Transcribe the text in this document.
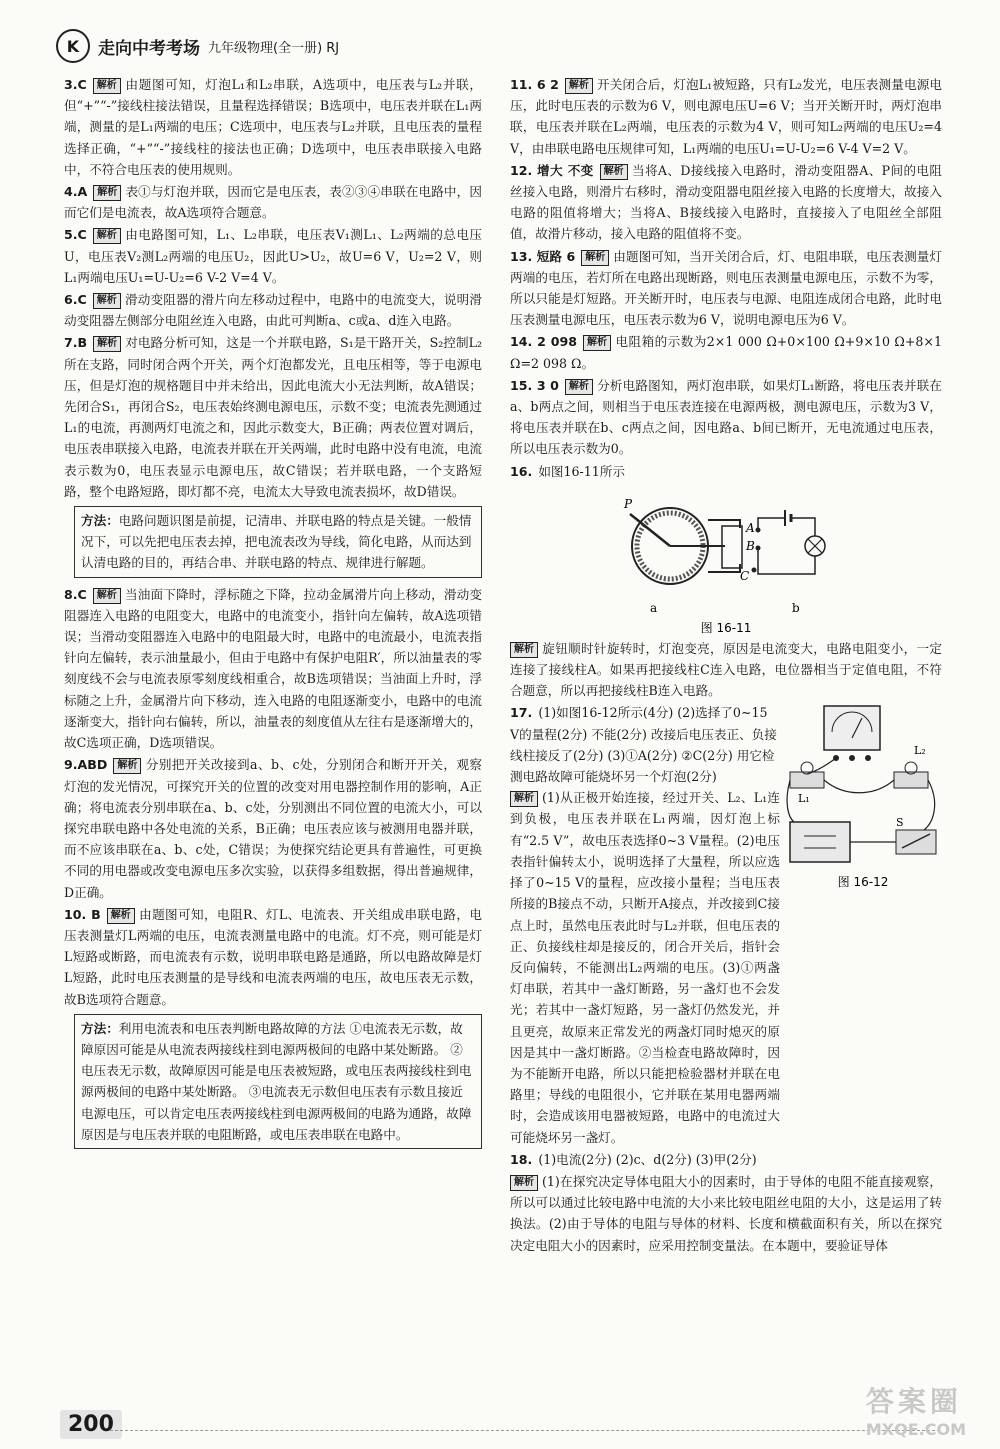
K	走向中考考场 九年级物理(全一册) RJ
3.C 解析 由题图可知，灯泡L₁和L₂串联，A选项中，电压表与L₂并联，但“+”“-”接线柱接法错误，且量程选择错误；B选项中，电压表并联在L₁两端，测量的是L₁两端的电压；C选项中，电压表与L₂并联，且电压表的量程选择正确，“+”“-”接线柱的接法也正确；D选项中，电压表串联接入电路中，不符合电压表的使用规则。
4.A 解析 表①与灯泡并联，因而它是电压表，表②③④串联在电路中，因而它们是电流表，故A选项符合题意。
5.C 解析 由电路图可知，L₁、L₂串联，电压表V₁测L₁、L₂两端的总电压U，电压表V₂测L₂两端的电压U₂，因此U>U₂，故U=6 V，U₂=2 V，则L₁两端电压U₁=U-U₂=6 V-2 V=4 V。
6.C 解析 滑动变阻器的滑片向左移动过程中，电路中的电流变大，说明滑动变阻器左侧部分电阻丝连入电路，由此可判断a、c或a、d连入电路。
7.B 解析 对电路分析可知，这是一个并联电路，S₁是干路开关，S₂控制L₂所在支路，同时闭合两个开关，两个灯泡都发光，且电压相等，等于电源电压，但是灯泡的规格题目中并未给出，因此电流大小无法判断，故A错误；先闭合S₁，再闭合S₂，电压表始终测电源电压，示数不变；电流表先测通过L₁的电流，再测两灯电流之和，因此示数变大，B正确；两表位置对调后，电压表串联接入电路，电流表并联在开关两端，此时电路中没有电流，电流表示数为0，电压表显示电源电压，故C错误；若并联电路，一个支路短路，整个电路短路，即灯都不亮，电流太大导致电流表损坏，故D错误。
方法：电路问题识图是前提，记清串、并联电路的特点是关键。一般情况下，可以先把电压表去掉，把电流表改为导线，简化电路，从而达到认清电路的目的，再结合串、并联电路的特点、规律进行解题。
8.C 解析 当油面下降时，浮标随之下降，拉动金属滑片向上移动，滑动变阻器连入电路的电阻变大，电路中的电流变小，指针向左偏转，故A选项错误；当滑动变阻器连入电路中的电阻最大时，电路中的电流最小，电流表指针向左偏转，表示油量最小，但由于电路中有保护电阻R′，所以油量表的零刻度线不会与电流表原零刻度线相重合，故B选项错误；当油面上升时，浮标随之上升，金属滑片向下移动，连入电路的电阻逐渐变小，电路中的电流逐渐变大，指针向右偏转，所以，油量表的刻度值从左往右是逐渐增大的，故C选项正确，D选项错误。
9.ABD 解析 分别把开关改接到a、b、c处，分别闭合和断开开关，观察灯泡的发光情况，可探究开关的位置的改变对用电器控制作用的影响，A正确；将电流表分别串联在a、b、c处，分别测出不同位置的电流大小，可以探究串联电路中各处电流的关系，B正确；电压表应该与被测用电器并联，而不应该串联在a、b、c处，C错误；为使探究结论更具有普遍性，可更换不同的用电器或改变电源电压多次实验，以获得多组数据，得出普遍规律，D正确。
10. B 解析 由题图可知，电阻R、灯L、电流表、开关组成串联电路，电压表测量灯L两端的电压，电流表测量电路中的电流。灯不亮，则可能是灯L短路或断路，而电流表有示数，说明串联电路是通路，所以电路故障是灯L短路，此时电压表测量的是导线和电流表两端的电压，故电压表无示数，故B选项符合题意。
方法：利用电流表和电压表判断电路故障的方法 ①电流表无示数，故障原因可能是从电流表两接线柱到电源两极间的电路中某处断路。 ②电压表无示数，故障原因可能是电压表被短路，或电压表两接线柱到电源两极间的电路中某处断路。 ③电流表无示数但电压表有示数且接近电源电压，可以肯定电压表两接线柱到电源两极间的电路为通路，故障原因是与电压表并联的电阻断路，或电压表串联在电路中。
11. 6 2 解析 开关闭合后，灯泡L₁被短路，只有L₂发光，电压表测量电源电压，此时电压表的示数为6 V，则电源电压U=6 V；当开关断开时，两灯泡串联，电压表并联在L₂两端，电压表的示数为4 V，则可知L₂两端的电压U₂=4 V，由串联电路电压规律可知，L₁两端的电压U₁=U-U₂=6 V-4 V=2 V。
12. 增大 不变 解析 当将A、D接线接入电路时，滑动变阻器A、P间的电阻丝接入电路，则滑片右移时，滑动变阻器电阻丝接入电路的长度增大，故接入电路的阻值将增大；当将A、B接线接入电路时，直接接入了电阻丝全部阻值，故滑片移动，接入电路的阻值将不变。
13. 短路 6 解析 由题图可知，当开关闭合后，灯、电阻串联，电压表测量灯两端的电压，若灯所在电路出现断路，则电压表测量电源电压，示数不为零，所以只能是灯短路。开关断开时，电压表与电源、电阻连成闭合电路，此时电压表测量电源电压，电压表示数为6 V，说明电源电压为6 V。
14. 2 098 解析 电阻箱的示数为2×1 000 Ω+0×100 Ω+9×10 Ω+8×1 Ω=2 098 Ω。
15. 3 0 解析 分析电路图知，两灯泡串联，如果灯L₁断路，将电压表并联在a、b两点之间，则相当于电压表连接在电源两极，测电源电压，示数为3 V，将电压表并联在b、c两点之间，因电路a、b间已断开，无电流通过电压表，所以电压表示数为0。
16. 如图16-11所示
P
A
B
C
a	b
图 16-11
解析 旋钮顺时针旋转时，灯泡变亮，原因是电流变大，电路电阻变小，一定连接了接线柱A。如果再把接线柱C连入电路，电位器相当于定值电阻，不符合题意，所以再把接线柱B连入电路。
17. (1)如图16-12所示(4分) (2)选择了0~15 V的量程(2分) 不能(2分) 改接后电压表正、负接线柱接反了(2分) (3)①A(2分) ②C(2分) 用它检测电路故障可能烧坏另一个灯泡(2分)
L₁
L₂
S
图 16-12
解析 (1)从正极开始连接，经过开关、L₂、L₁连到负极，电压表并联在L₁两端，因灯泡上标有“2.5 V”，故电压表选择0~3 V量程。(2)电压表指针偏转太小，说明选择了大量程，所以应选择了0~15 V的量程，应改接小量程；当电压表所接的B接点不动，只断开A接点，并改接到C接点上时，虽然电压表此时与L₂并联，但电压表的正、负接线柱却是接反的，闭合开关后，指针会反向偏转，不能测出L₂两端的电压。(3)①两盏灯串联，若其中一盏灯断路，另一盏灯也不会发光；若其中一盏灯短路，另一盏灯仍然发光，并且更亮，故原来正常发光的两盏灯同时熄灭的原因是其中一盏灯断路。②当检查电路故障时，因为不能断开电路，所以只能把检验器材并联在电路里；导线的电阻很小，它并联在某用电器两端时，会造成该用电器被短路，电路中的电流过大可能烧坏另一盏灯。
18. (1)电流(2分) (2)c、d(2分) (3)甲(2分)
解析 (1)在探究决定导体电阻大小的因素时，由于导体的电阻不能直接观察，所以可以通过比较电路中电流的大小来比较电阻丝电阻的大小，这是运用了转换法。(2)由于导体的电阻与导体的材料、长度和横截面积有关，所以在探究决定电阻大小的因素时，应采用控制变量法。在本题中，要验证导体
200
答案圈
MXQE.COM
